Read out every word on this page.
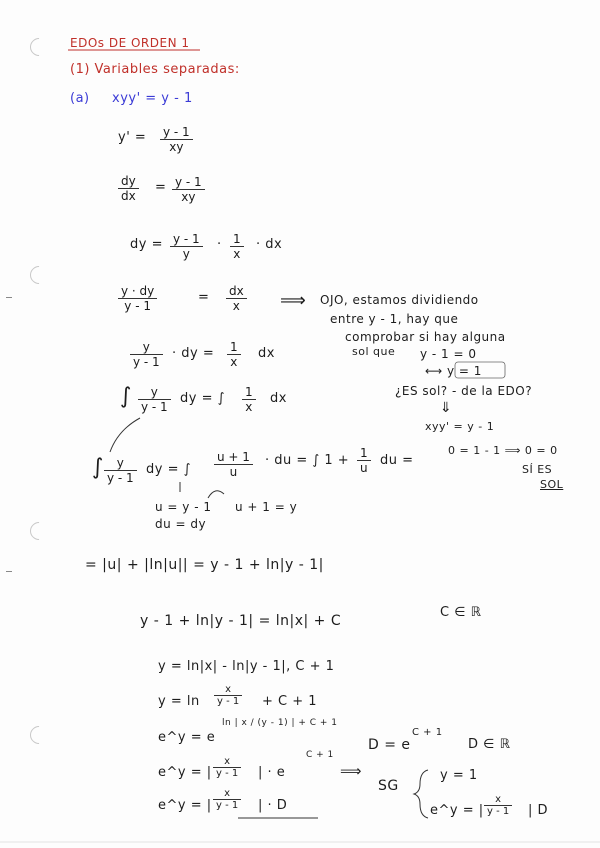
EDOs DE ORDEN 1
(1) Variables separadas:
(a) xyy' = y - 1
$y' = \frac{y - 1}{xy}$
$\frac{dy}{dx} = \frac{y - 1}{xy}$
dy = $\frac{y - 1}{y} \cdot \frac{1}{x}$ · dx
$\frac{y \cdot dy}{y - 1}$	= $\frac{dx}{x}$ ⟹ OJO, estamos dividiendo
entre y - 1, hay que
comprobar si hay alguna
sol que y - 1 = 0
⟷ y = 1
¿ES sol? - de la EDO?
⇓
xyy' = y - 1
0 = 1 - 1 ⟹ 0 = 0
SÍ ES
SOL
$\frac{y}{y - 1}$ · dy = $\frac{1}{x}$ dx
∫ $\frac{y}{y - 1}$ dy = ∫ $\frac{1}{x}$ dx
∫ $\frac{y}{y - 1}$ dy = ∫ $\frac{u + 1}{u}$ · du = ∫ $1 + \frac{1}{u}$ du =
u = y - 1 u + 1 = y
du = dy
= |u| + |ln|u|| = y - 1 + ln|y - 1|
y - 1 + ln|y - 1| = ln|x| + C
C ∈ ℝ
y = ln|x| - ln|y - 1|, C + 1
$y = \ln \frac{x}{y - 1} + C + 1$
e^y = e
ln | x / (y - 1) | + C + 1
e^y = | $\frac{x}{y - 1}$ | · e
C + 1
⟹
D = e
C + 1
D ∈ ℝ
e^y = | $\frac{x}{y - 1}$ | · D
SG
y = 1
e^y = | $\frac{x}{y - 1}$ | D
